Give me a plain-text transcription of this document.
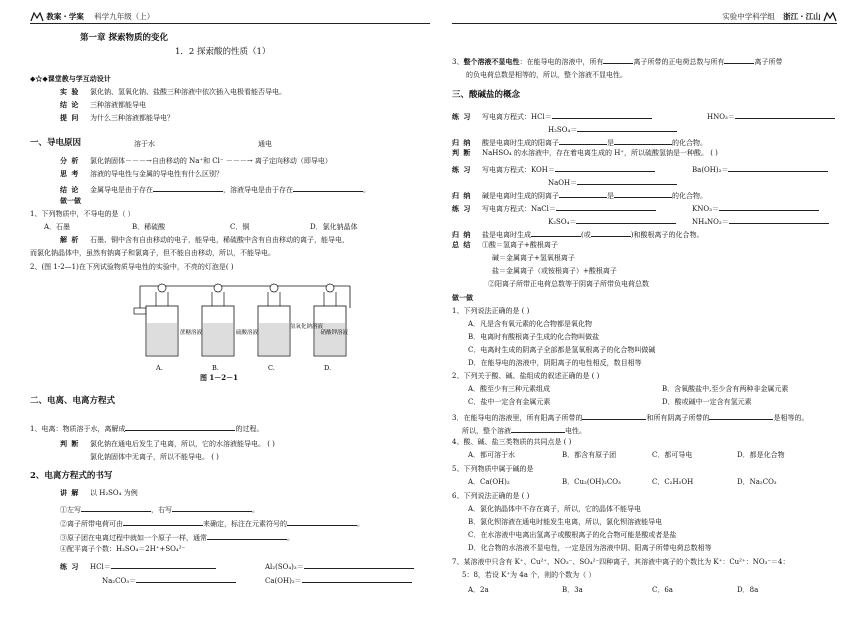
教案・学案 科学九年级（上）
第一章 探索物质的变化
1．2 探索酸的性质（1）
◆☆◆课堂教与学互动设计
实 验 氯化钠、氢氧化钠、盐酸三种溶液中依次插入电极看能否导电。
结 论 三种溶液都能导电
提 问 为什么三种溶液都能导电？
一、导电原因	溶于水	通电
分 析 氯化钠固体－－－→自由移动的 Na⁺和 Cl⁻ －－－→ 离子定向移动（即导电）
思 考 溶液的导电性与金属的导电性有什么区别？
结 论 金属导电是由于存在	，溶液导电是由于存在	。
做一做
1、下列物质中，不导电的是（ ）
A．石墨	B．稀硫酸	C．铜	D．氯化钠晶体
解 析 石墨、铜中含有自由移动的电子，能导电，稀硫酸中含有自由移动的离子，能导电，
而氯化钠晶体中，虽然有钠离子和氯离子，但不能自由移动，所以，不能导电。
2、(图 1-2—1)在下列试验物质导电性的实验中，不亮的灯泡是( )
蔗糖溶液	硫酸溶液
氢氧化钠溶液
硝酸钾溶液
A.	B.	C.	D.
图 1－2－1
二、电离、电离方程式
1、电离：物质溶于水，离解成	的过程。
判 断 氯化钠在通电后发生了电离，所以，它的水溶液能导电。 ( )
氯化钠固体中无离子，所以不能导电。 ( )
2、电离方程式的书写
讲 解 以 H₂SO₄ 为例
①左写	，右写	。
②离子所带电荷可由	来确定，标注在元素符号的	。
③原子团在电离过程中就如一个原子一样，通常	。
④配平离子个数：H₂SO₄＝2H⁺+SO₄²⁻
练 习 HCl＝	Al₂(SO₄)₃＝
Na₂CO₃＝	Ca(OH)₂＝
实验中学科学组 浙江・江山
3、整个溶液不显电性：在能导电的溶液中，所有	离子所带的正电荷总数与所有	离子所带
的负电荷总数是相等的，所以，整个溶液不显电性。
三、酸碱盐的概念
练 习 写电离方程式：HCl＝	HNO₃＝
H₂SO₄＝
归 纳 酸是电离时生成的阳离子	是	的化合物。
判 断 NaHSO₄ 的水溶液中，存在着电离生成的 H⁺，所以硫酸氢钠是一种酸。 ( )
练 习 写电离方程式：KOH＝	Ba(OH)₂＝
NaOH＝
归 纳 碱是电离时生成的阴离子	是	的化合物。
练 习 写电离方程式：NaCl＝	KNO₃＝
K₂SO₄＝	NH₄NO₃＝
归 纳 盐是电离时生成	(或	)和酸根离子的化合物。
总 结 ①酸＝氢离子+酸根离子
碱＝金属离子+氢氧根离子
盐＝金属离子（或铵根离子）+酸根离子
②阳离子所带正电荷总数等于阴离子所带负电荷总数
做一做
1、下列说法正确的是 ( )
A．凡是含有氧元素的化合物都是氧化物
B．电离时有酸根离子生成的化合物叫做盐
C．电离时生成的阴离子全部都是氢氧根离子的化合物叫做碱
D．在能导电的溶液中，阴阳离子的电性相反，数目相等
2、下列关于酸、碱、盐组成的叙述正确的是 ( )
A．酸至少有三种元素组成	B．含氧酸盐中,至少含有两种非金属元素
C．盐中一定含有金属元素	D．酸或碱中一定含有氢元素
3．在能导电的溶液里，所有阳离子所带的	和所有阴离子所带的	是相等的。
所以，整个溶液	电性。
4、酸、碱、盐三类物质的共同点是 ( )
A．都可溶于水	B．都含有原子团	C．都可导电	D．都是化合物
5、下列物质中属于碱的是
A．Ca(OH)₂	B．Cu₂(OH)₂CO₃	C．C₂H₅OH	D．Na₂CO₃
6、下列说法正确的是 ( )
A．氯化钠晶体中不存在离子，所以，它的晶体不能导电
B．氯化钡溶液在通电时能发生电离，所以，氯化钡溶液能导电
C．在水溶液中电离出氢离子或酸根离子的化合物可能是酸或者是盐
D．化合物的水溶液不显电性，一定是因为溶液中阴、阳离子所带电荷总数相等
7、某溶液中只含有 K⁺、Cu²⁺、NO₃⁻、SO₄²⁻四种离子，其溶液中离子的个数比为 K⁺：Cu²⁺：NO₃⁻＝4：
5：8，若设 K⁺为 4a 个，则的个数为（ ）
A．2a	B．3a	C．6a	D．8a
